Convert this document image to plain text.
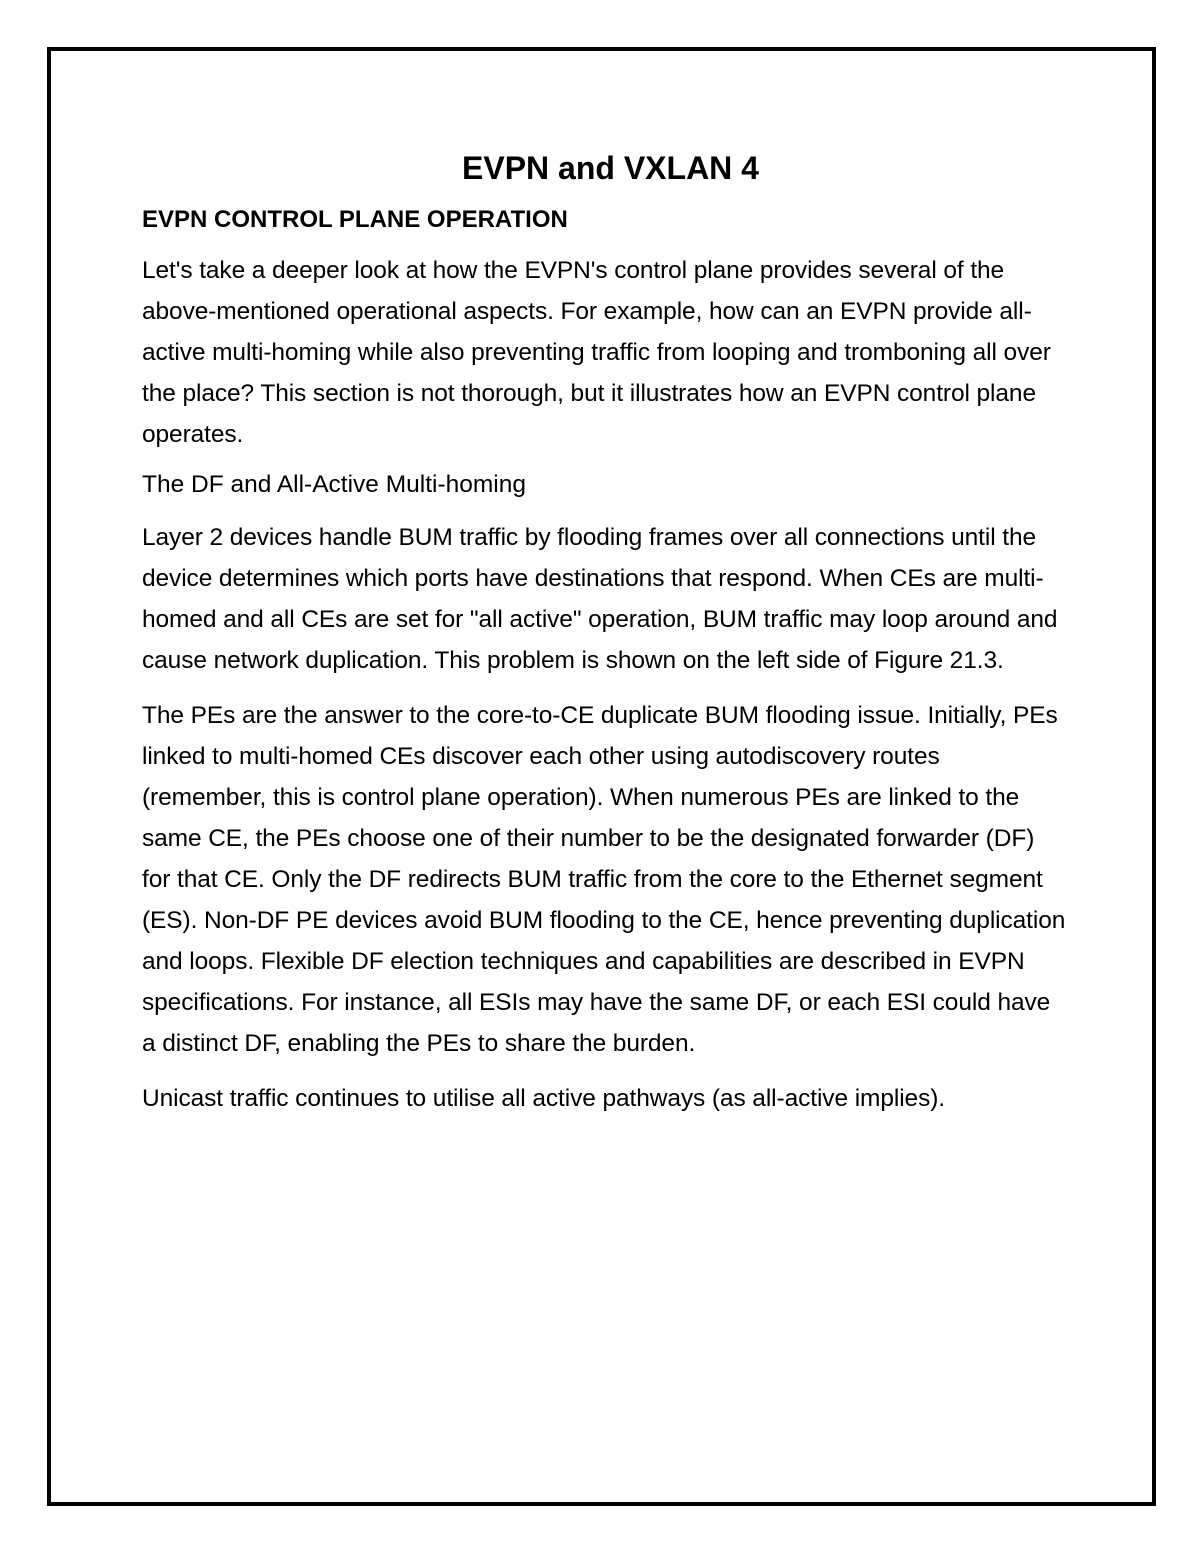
EVPN and VXLAN 4
EVPN CONTROL PLANE OPERATION

Let's take a deeper look at how the EVPN's control plane provides several of the above-mentioned operational aspects. For example, how can an EVPN provide all-active multi-homing while also preventing traffic from looping and tromboning all over the place? This section is not thorough, but it illustrates how an EVPN control plane operates.

The DF and All-Active Multi-homing

Layer 2 devices handle BUM traffic by flooding frames over all connections until the device determines which ports have destinations that respond. When CEs are multi-homed and all CEs are set for "all active" operation, BUM traffic may loop around and cause network duplication. This problem is shown on the left side of Figure 21.3.

The PEs are the answer to the core-to-CE duplicate BUM flooding issue. Initially, PEs linked to multi-homed CEs discover each other using autodiscovery routes (remember, this is control plane operation). When numerous PEs are linked to the same CE, the PEs choose one of their number to be the designated forwarder (DF) for that CE. Only the DF redirects BUM traffic from the core to the Ethernet segment (ES). Non-DF PE devices avoid BUM flooding to the CE, hence preventing duplication and loops. Flexible DF election techniques and capabilities are described in EVPN specifications. For instance, all ESIs may have the same DF, or each ESI could have a distinct DF, enabling the PEs to share the burden.

Unicast traffic continues to utilise all active pathways (as all-active implies).
